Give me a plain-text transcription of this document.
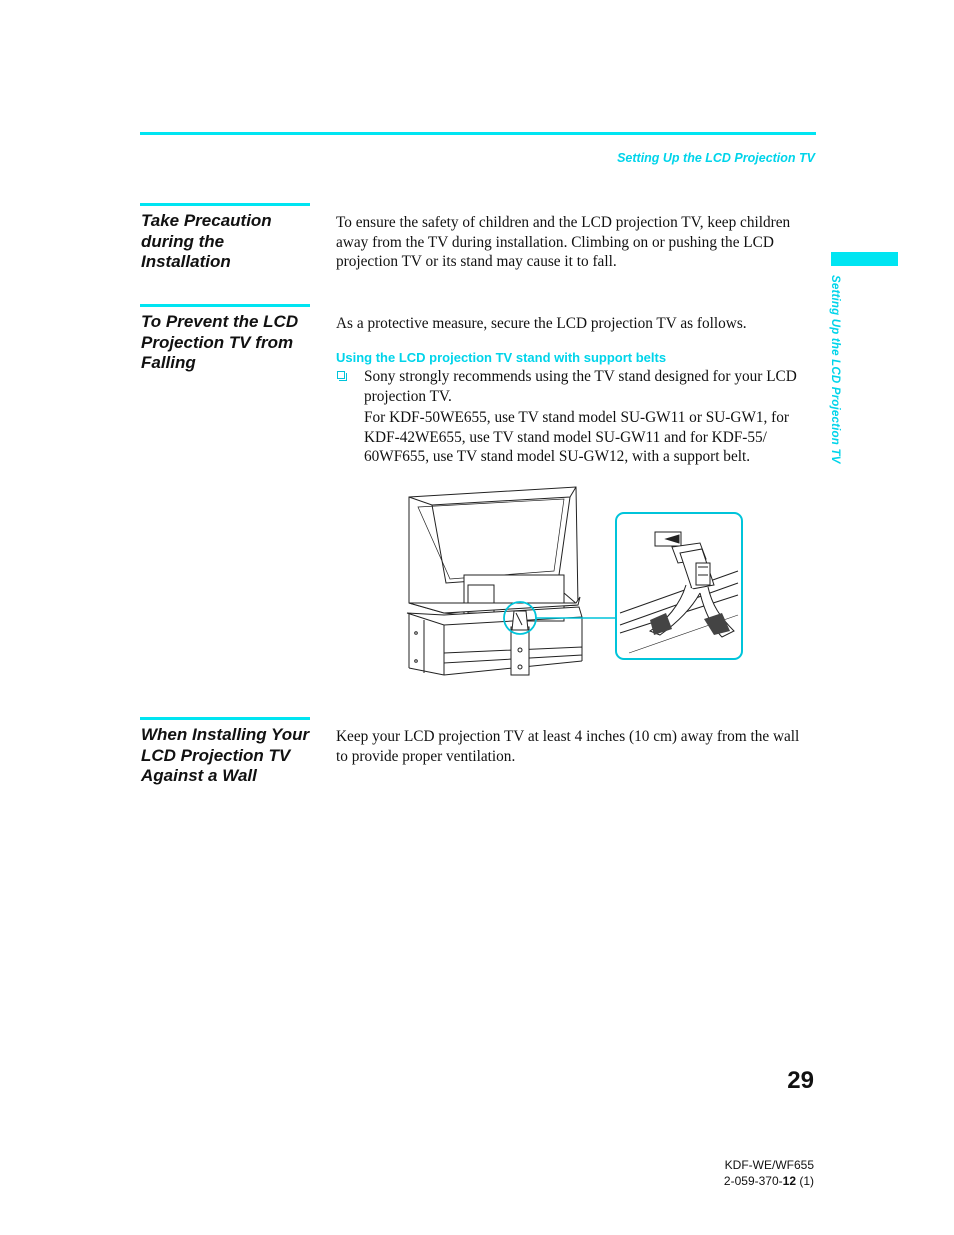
Setting Up the LCD Projection TV
Setting Up the LCD Projection TV
Take Precaution during the Installation
To ensure the safety of children and the LCD projection TV, keep children away from the TV during installation. Climbing on or pushing the LCD projection TV or its stand may cause it to fall.
To Prevent the LCD Projection TV from Falling
As a protective measure, secure the LCD projection TV as follows.
Using the LCD projection TV stand with support belts
Sony strongly recommends using the TV stand designed for your LCD projection TV.
For KDF-50WE655, use TV stand model SU-GW11 or SU-GW1, for KDF-42WE655, use TV stand model SU-GW11 and for KDF-55/ 60WF655, use TV stand model SU-GW12, with a support belt.
When Installing Your LCD Projection TV Against a Wall
Keep your LCD projection TV at least 4 inches (10 cm) away from the wall to provide proper ventilation.
29
KDF-WE/WF655
2-059-370-12 (1)
